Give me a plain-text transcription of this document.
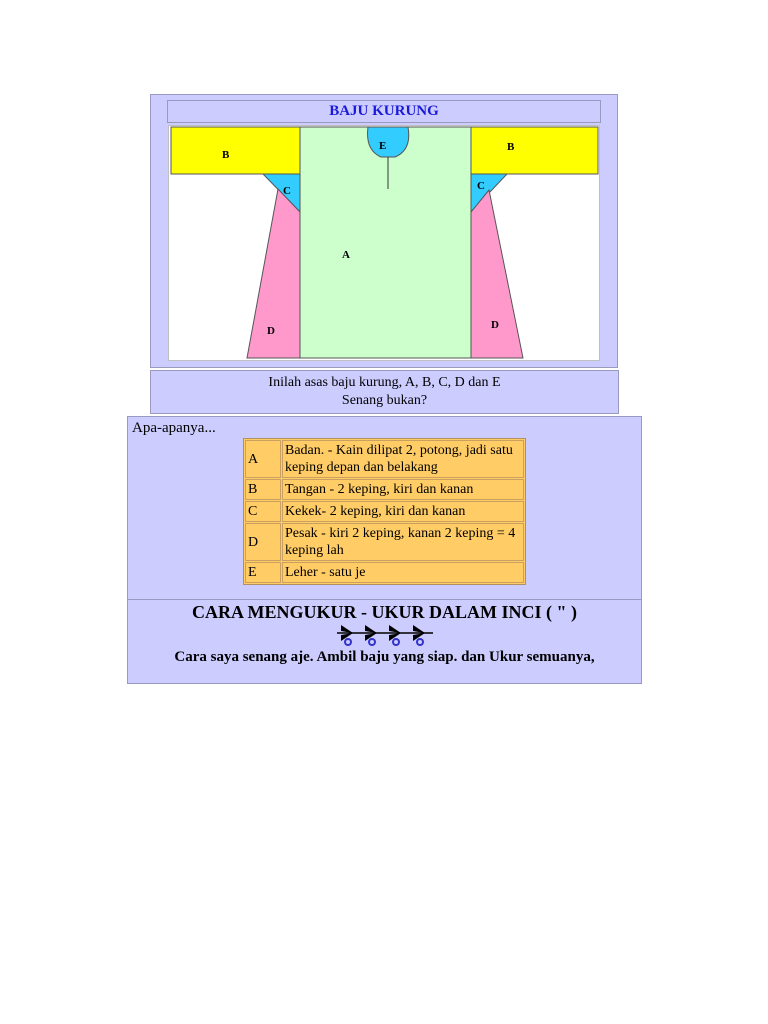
BAJU KURUNG
B
B
E
C	C
A
D	D
Inilah asas baju kurung, A, B, C, D dan E
Senang bukan?
Apa-apanya...
A	Badan. - Kain dilipat 2, potong, jadi satu keping depan dan belakang
B	Tangan - 2 keping, kiri dan kanan
C	Kekek- 2 keping, kiri dan kanan
D	Pesak - kiri 2 keping, kanan 2 keping = 4 keping lah
E	Leher - satu je
CARA MENGUKUR - UKUR DALAM INCI ( " )
Cara saya senang aje. Ambil baju yang siap. dan Ukur semuanya,
